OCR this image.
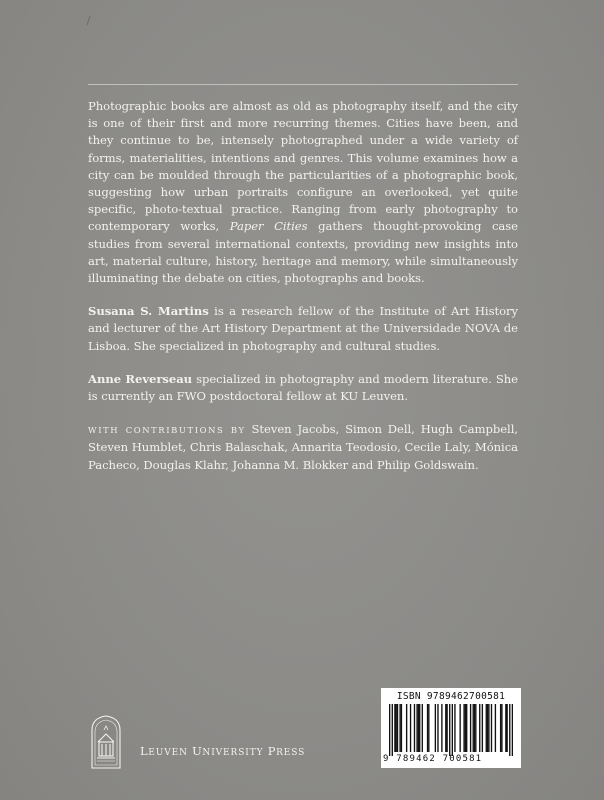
Photographic books are almost as old as photography itself, and the city is one of their first and more recurring themes. Cities have been, and they continue to be, intensely photographed under a wide variety of forms, materialities, intentions and genres. This volume examines how a city can be moulded through the particularities of a photographic book, suggesting how urban portraits configure an overlooked, yet quite specific, photo-textual practice. Ranging from early photography to contemporary works, Paper Cities gathers thought-provoking case studies from several international contexts, providing new insights into art, material culture, history, heritage and memory, while simultaneously illuminating the debate on cities, photographs and books.

Susana S. Martins is a research fellow of the Institute of Art History and lecturer of the Art History Department at the Universidade NOVA de Lisboa. She specialized in photography and cultural studies.

Anne Reverseau specialized in photography and modern literature. She is currently an FWO postdoctoral fellow at KU Leuven.

WITH CONTRIBUTIONS BY Steven Jacobs, Simon Dell, Hugh Campbell, Steven Humblet, Chris Balaschak, Annarita Teodosio, Cecile Laly, Mónica Pacheco, Douglas Klahr, Johanna M. Blokker and Philip Goldswain.

LEUVEN UNIVERSITY PRESS
ISBN 9789462700581
9 789462 700581
